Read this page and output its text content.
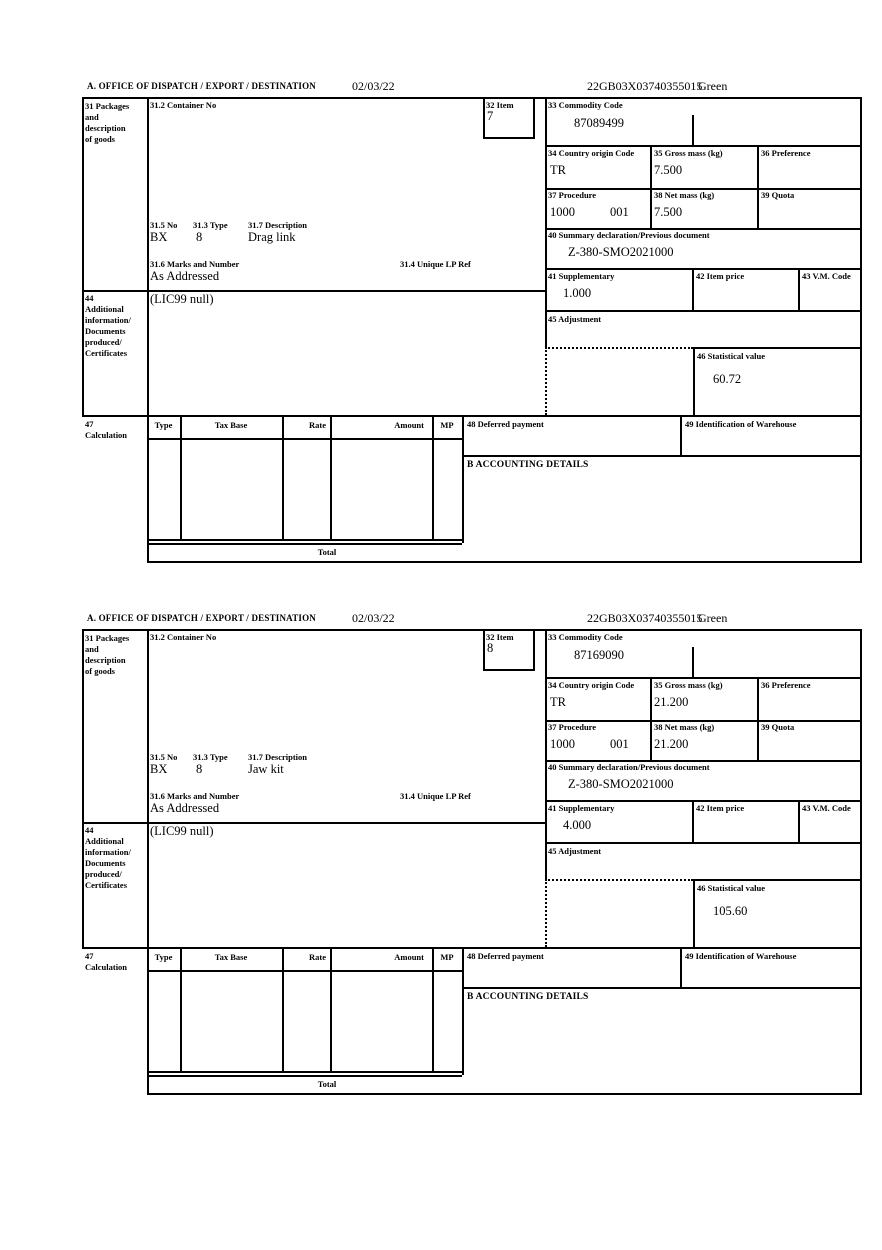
A. OFFICE OF DISPATCH / EXPORT / DESTINATION	02/03/22	22GB03X03740355015
Green
31 Packages
and
description
of goods
31.2 Container No	32 Item
7
33 Commodity Code
87089499
34 Country origin Code
TR
35 Gross mass (kg)
7.500
36 Preference
37 Procedure
1000	001
38 Net mass (kg)
7.500
39 Quota
40 Summary declaration/Previous document
Z-380-SMO2021000
41 Supplementary
1.000
42 Item price	43 V.M. Code
45 Adjustment
46 Statistical value
60.72
31.5 No 31.3 Type 31.7 Description
BX 8	Drag link
31.6 Marks and Number	31.4 Unique LP Ref
As Addressed
44
Additional
information/
Documents
produced/
Certificates
(LIC99 null)
47
Calculation
Type	Tax Base	Rate	Amount	MP
Total
48 Deferred payment	49 Identification of Warehouse
B ACCOUNTING DETAILS
A. OFFICE OF DISPATCH / EXPORT / DESTINATION	02/03/22	22GB03X03740355015
Green
31 Packages
and
description
of goods
31.2 Container No	32 Item
8
33 Commodity Code
87169090
34 Country origin Code
TR
35 Gross mass (kg)
21.200
36 Preference
37 Procedure
1000	001
38 Net mass (kg)
21.200
39 Quota
40 Summary declaration/Previous document
Z-380-SMO2021000
41 Supplementary
4.000
42 Item price	43 V.M. Code
45 Adjustment
46 Statistical value
105.60
31.5 No 31.3 Type 31.7 Description
BX 8	Jaw kit
31.6 Marks and Number	31.4 Unique LP Ref
As Addressed
44
Additional
information/
Documents
produced/
Certificates
(LIC99 null)
47
Calculation
Type	Tax Base	Rate	Amount	MP
Total
48 Deferred payment	49 Identification of Warehouse
B ACCOUNTING DETAILS
